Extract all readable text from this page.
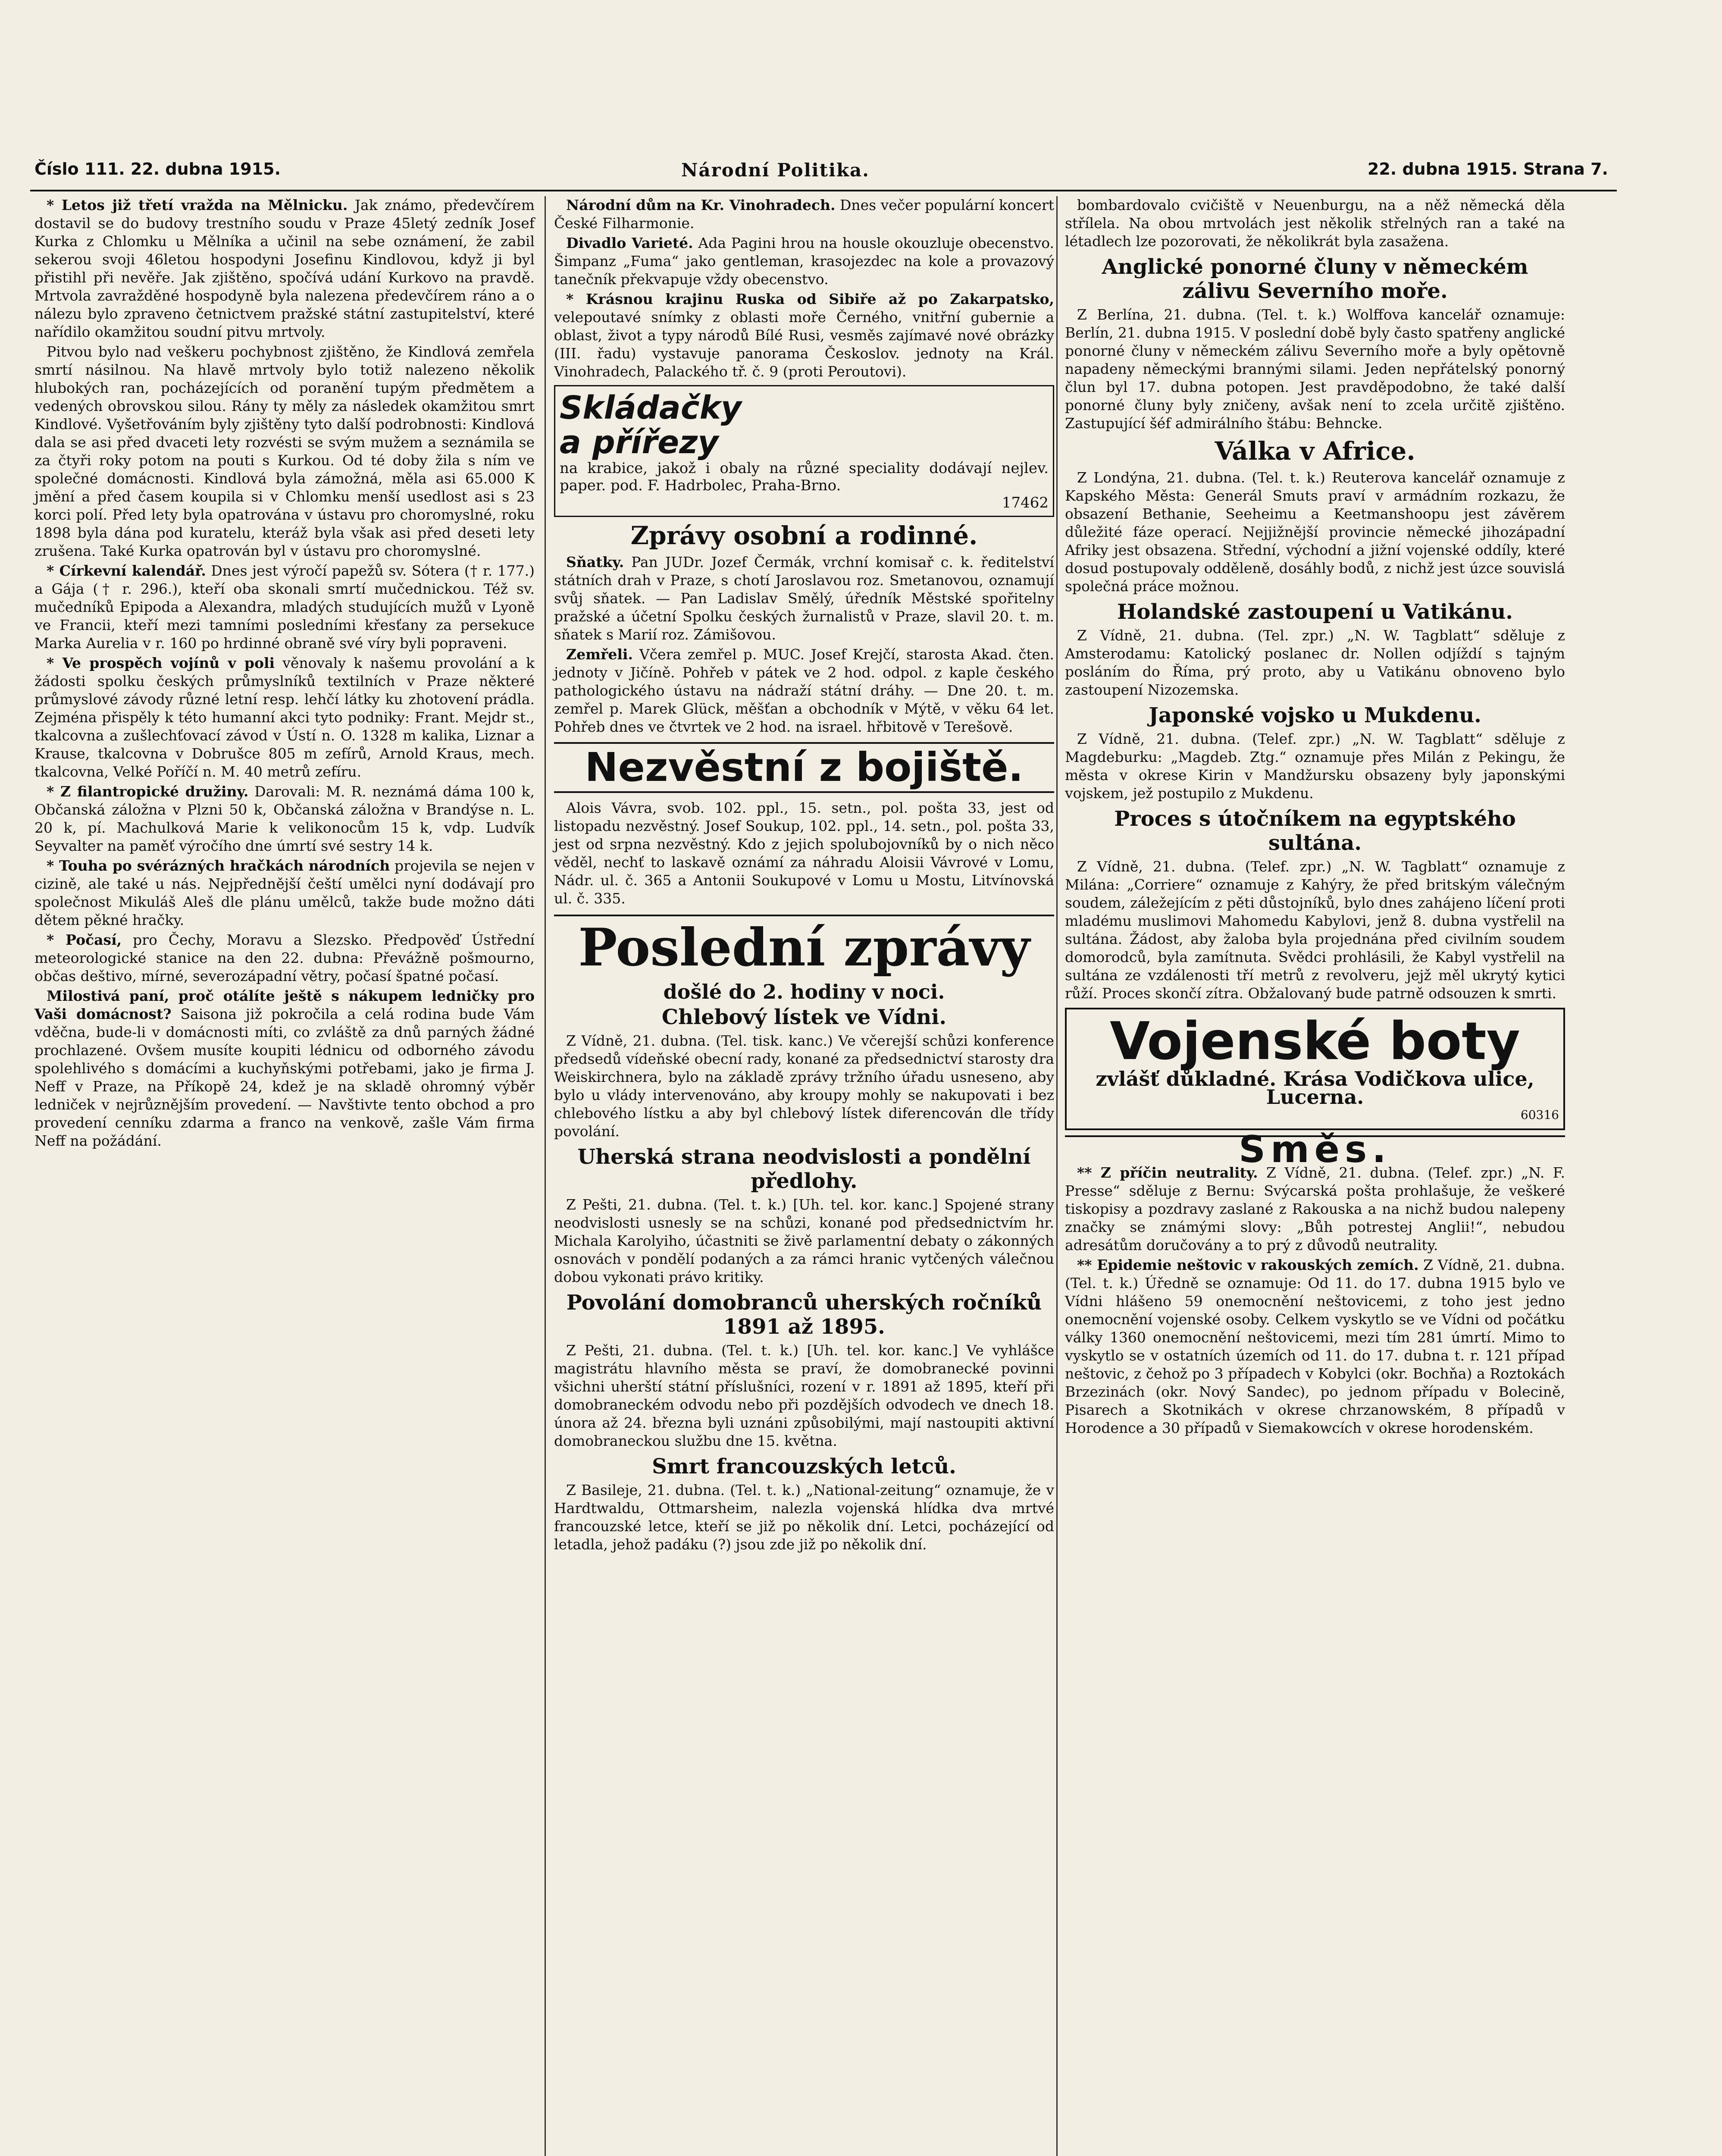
Číslo 111. 22. dubna 1915.	Národní Politika.	22. dubna 1915. Strana 7.

* Letos již třetí vražda na Mělnicku. Jak známo, předevčírem dostavil se do budovy trestního soudu v Praze 45letý zedník Josef Kurka z Chlomku u Mělníka a učinil na sebe oznámení, že zabil sekerou svoji 46letou hospodyni Josefinu Kindlovou, když ji byl přistihl při nevěře. Jak zjištěno, spočívá udání Kurkovo na pravdě. Mrtvola zavražděné hospodyně byla nalezena předevčírem ráno a o nálezu bylo zpraveno četnictvem pražské státní zastupitelství, které nařídilo okamžitou soudní pitvu mrtvoly.

Pitvou bylo nad veškeru pochybnost zjištěno, že Kindlová zemřela smrtí násilnou. Na hlavě mrtvoly bylo totiž nalezeno několik hlubokých ran, pocházejících od poranění tupým předmětem a vedených obrovskou silou. Rány ty měly za následek okamžitou smrt Kindlové. Vyšetřováním byly zjištěny tyto další podrobnosti: Kindlová dala se asi před dvaceti lety rozvésti se svým mužem a seznámila se za čtyři roky potom na pouti s Kurkou. Od té doby žila s ním ve společné domácnosti. Kindlová byla zámožná, měla asi 65.000 K jmění a před časem koupila si v Chlomku menší usedlost asi s 23 korci polí. Před lety byla opatrována v ústavu pro choromyslné, roku 1898 byla dána pod kuratelu, kteráž byla však asi před deseti lety zrušena. Také Kurka opatrován byl v ústavu pro choromyslné.

* Církevní kalendář. Dnes jest výročí papežů sv. Sótera († r. 177.) a Gája († r. 296.), kteří oba skonali smrtí mučednickou. Též sv. mučedníků Epipoda a Alexandra, mladých studujících mužů v Lyoně ve Francii, kteří mezi tamními posledními křesťany za persekuce Marka Aurelia v r. 160 po hrdinné obraně své víry byli popraveni.

* Ve prospěch vojínů v poli věnovaly k našemu provolání a k žádosti spolku českých průmyslníků textilních v Praze některé průmyslové závody různé letní resp. lehčí látky ku zhotovení prádla. Zejména přispěly k této humanní akci tyto podniky: Frant. Mejdr st., tkalcovna a zušlechťovací závod v Ústí n. O. 1328 m kalika, Liznar a Krause, tkalcovna v Dobrušce 805 m zefírů, Arnold Kraus, mech. tkalcovna, Velké Poříčí n. M. 40 metrů zefíru.

* Z filantropické družiny. Darovali: M. R. neznámá dáma 100 k, Občanská záložna v Plzni 50 k, Občanská záložna v Brandýse n. L. 20 k, pí. Machulková Marie k velikonocům 15 k, vdp. Ludvík Seyvalter na paměť výročího dne úmrtí své sestry 14 k.

* Touha po svérázných hračkách národních projevila se nejen v cizině, ale také u nás. Nejpřednější čeští umělci nyní dodávají pro společnost Mikuláš Aleš dle plánu umělců, takže bude možno dáti dětem pěkné hračky.

* Počasí, pro Čechy, Moravu a Slezsko. Předpověď Ústřední meteorologické stanice na den 22. dubna: Převážně pošmourno, občas deštivo, mírné, severozápadní větry, počasí špatné počasí.

Milostivá paní, proč otálíte ještě s nákupem ledničky pro Vaši domácnost? Saisona již pokročila a celá rodina bude Vám vděčna, bude-li v domácnosti míti, co zvláště za dnů parných žádné prochlazené. Ovšem musíte koupiti lédnicu od odborného závodu spolehlivého s domácími a kuchyňskými potřebami, jako je firma J. Neff v Praze, na Příkopě 24, kdež je na skladě ohromný výběr ledniček v nejrůznějším provedení. — Navštivte tento obchod a pro provedení cenníku zdarma a franco na venkově, zašle Vám firma Neff na požádání.

Národní dům na Kr. Vinohradech. Dnes večer populární koncert České Filharmonie.

Divadlo Varieté. Ada Pagini hrou na housle okouzluje obecenstvo. Šimpanz „Fuma“ jako gentleman, krasojezdec na kole a provazový tanečník překvapuje vždy obecenstvo.

* Krásnou krajinu Ruska od Sibiře až po Zakarpatsko, velepoutavé snímky z oblasti moře Černého, vnitřní gubernie a oblast, život a typy národů Bílé Rusi, vesměs zajímavé nové obrázky (III. řadu) vystavuje panorama Českoslov. jednoty na Král. Vinohradech, Palackého tř. č. 9 (proti Peroutovi).

Skládačky
a přířezy
na krabice, jakož i obaly na různé speciality dodávají nejlev. paper. pod. F. Hadrbolec, Praha-Brno.
17462
Zprávy osobní a rodinné.

Sňatky. Pan JUDr. Jozef Čermák, vrchní komisař c. k. ředitelství státních drah v Praze, s chotí Jaroslavou roz. Smetanovou, oznamují svůj sňatek. — Pan Ladislav Smělý, úředník Městské spořitelny pražské a účetní Spolku českých žurnalistů v Praze, slavil 20. t. m. sňatek s Marií roz. Zámišovou.

Zemřeli. Včera zemřel p. MUC. Josef Krejčí, starosta Akad. čten. jednoty v Jičíně. Pohřeb v pátek ve 2 hod. odpol. z kaple českého pathologického ústavu na nádraží státní dráhy. — Dne 20. t. m. zemřel p. Marek Glück, měšťan a obchodník v Mýtě, v věku 64 let. Pohřeb dnes ve čtvrtek ve 2 hod. na israel. hřbitově v Terešově.

Nezvěstní z bojiště.

Alois Vávra, svob. 102. ppl., 15. setn., pol. pošta 33, jest od listopadu nezvěstný. Josef Soukup, 102. ppl., 14. setn., pol. pošta 33, jest od srpna nezvěstný. Kdo z jejich spolubojovníků by o nich něco věděl, nechť to laskavě oznámí za náhradu Aloisii Vávrové v Lomu, Nádr. ul. č. 365 a Antonii Soukupové v Lomu u Mostu, Litvínovská ul. č. 335.

Poslední zprávy
došlé do 2. hodiny v noci.
Chlebový lístek ve Vídni.

Z Vídně, 21. dubna. (Tel. tisk. kanc.) Ve včerejší schůzi konference předsedů vídeňské obecní rady, konané za předsednictví starosty dra Weiskirchnera, bylo na základě zprávy tržního úřadu usneseno, aby bylo u vlády intervenováno, aby kroupy mohly se nakupovati i bez chlebového lístku a aby byl chlebový lístek diferencován dle třídy povolání.

Uherská strana neodvislosti a pondělní předlohy.

Z Pešti, 21. dubna. (Tel. t. k.) [Uh. tel. kor. kanc.] Spojené strany neodvislosti usnesly se na schůzi, konané pod předsednictvím hr. Michala Karolyiho, účastniti se živě parlamentní debaty o zákonných osnovách v pondělí podaných a za rámci hranic vytčených válečnou dobou vykonati právo kritiky.

Povolání domobranců uherských ročníků 1891 až 1895.

Z Pešti, 21. dubna. (Tel. t. k.) [Uh. tel. kor. kanc.] Ve vyhlášce magistrátu hlavního města se praví, že domobranecké povinni všichni uherští státní příslušníci, rození v r. 1891 až 1895, kteří při domobraneckém odvodu nebo při pozdějších odvodech ve dnech 18. února až 24. března byli uznáni způsobilými, mají nastoupiti aktivní domobraneckou službu dne 15. května.

Smrt francouzských letců.

Z Basileje, 21. dubna. (Tel. t. k.) „National-zeitung“ oznamuje, že v Hardtwaldu, Ottmarsheim, nalezla vojenská hlídka dva mrtvé francouzské letce, kteří se již po několik dní. Letci, pocházející od letadla, jehož padáku (?) jsou zde již po několik dní.

bombardovalo cvičiště v Neuenburgu, na a něž německá děla střílela. Na obou mrtvolách jest několik střelných ran a také na létadlech lze pozorovati, že několikrát byla zasažena.

Anglické ponorné čluny v německém zálivu Severního moře.

Z Berlína, 21. dubna. (Tel. t. k.) Wolffova kancelář oznamuje: Berlín, 21. dubna 1915. V poslední době byly často spatřeny anglické ponorné čluny v německém zálivu Severního moře a byly opětovně napadeny německými brannými silami. Jeden nepřátelský ponorný člun byl 17. dubna potopen. Jest pravděpodobno, že také další ponorné čluny byly zničeny, avšak není to zcela určitě zjištěno. Zastupující šéf admirálního štábu: Behncke.

Válka v Africe.

Z Londýna, 21. dubna. (Tel. t. k.) Reuterova kancelář oznamuje z Kapského Města: Generál Smuts praví v armádním rozkazu, že obsazení Bethanie, Seeheimu a Keetmanshoopu jest závěrem důležité fáze operací. Nejjižnější provincie německé jihozápadní Afriky jest obsazena. Střední, východní a jižní vojenské oddíly, které dosud postupovaly odděleně, dosáhly bodů, z nichž jest úzce souvislá společná práce možnou.

Holandské zastoupení u Vatikánu.

Z Vídně, 21. dubna. (Tel. zpr.) „N. W. Tagblatt“ sděluje z Amsterodamu: Katolický poslanec dr. Nollen odjíždí s tajným posláním do Říma, prý proto, aby u Vatikánu obnoveno bylo zastoupení Nizozemska.

Japonské vojsko u Mukdenu.

Z Vídně, 21. dubna. (Telef. zpr.) „N. W. Tagblatt“ sděluje z Magdeburku: „Magdeb. Ztg.“ oznamuje přes Milán z Pekingu, že města v okrese Kirin v Mandžursku obsazeny byly japonskými vojskem, jež postupilo z Mukdenu.

Proces s útočníkem na egyptského sultána.

Z Vídně, 21. dubna. (Telef. zpr.) „N. W. Tagblatt“ oznamuje z Milána: „Corriere“ oznamuje z Kahýry, že před britským válečným soudem, záležejícím z pěti důstojníků, bylo dnes zahájeno líčení proti mladému muslimovi Mahomedu Kabylovi, jenž 8. dubna vystřelil na sultána. Žádost, aby žaloba byla projednána před civilním soudem domorodců, byla zamítnuta. Svědci prohlásili, že Kabyl vystřelil na sultána ze vzdálenosti tří metrů z revolveru, jejž měl ukrytý kytici růží. Proces skončí zítra. Obžalovaný bude patrně odsouzen k smrti.

Vojenské boty
zvlášť důkladné. Krása Vodičkova ulice, Lucerna.
60316
Směs.

** Z příčin neutrality. Z Vídně, 21. dubna. (Telef. zpr.) „N. F. Presse“ sděluje z Bernu: Svýcarská pošta prohlašuje, že veškeré tiskopisy a pozdravy zaslané z Rakouska a na nichž budou nalepeny značky se známými slovy: „Bůh potrestej Anglii!“, nebudou adresátům doručovány a to prý z důvodů neutrality.

** Epidemie neštovic v rakouských zemích. Z Vídně, 21. dubna. (Tel. t. k.) Úředně se oznamuje: Od 11. do 17. dubna 1915 bylo ve Vídni hlášeno 59 onemocnění neštovicemi, z toho jest jedno onemocnění vojenské osoby. Celkem vyskytlo se ve Vídni od počátku války 1360 onemocnění neštovicemi, mezi tím 281 úmrtí. Mimo to vyskytlo se v ostatních územích od 11. do 17. dubna t. r. 121 případ neštovic, z čehož po 3 případech v Kobylci (okr. Bochňa) a Roztokách Brzezinách (okr. Nový Sandec), po jednom případu v Bolecině, Pisarech a Skotnikách v okrese chrzanowském, 8 případů v Horodence a 30 případů v Siemakowcích v okrese horodenském.
